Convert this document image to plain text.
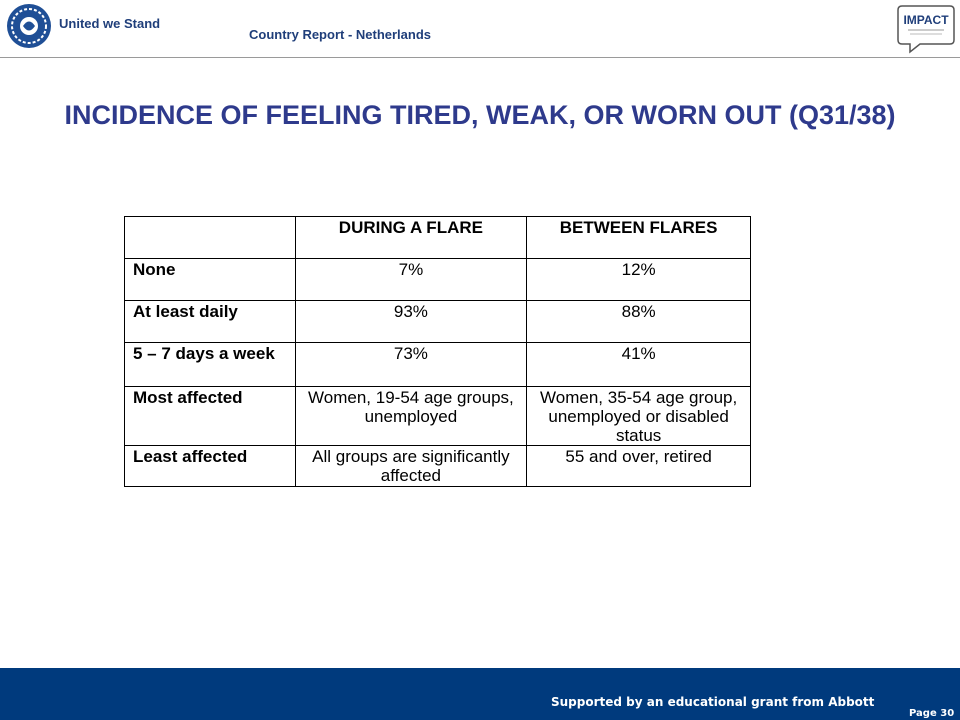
United we Stand
Country Report - Netherlands
IMPACT
INCIDENCE OF FEELING TIRED, WEAK, OR WORN OUT (Q31/38)
	DURING A FLARE	BETWEEN FLARES
None	7%	12%
At least daily	93%	88%
5 – 7 days a week	73%	41%
Most affected	Women, 19-54 age groups, unemployed	Women, 35-54 age group, unemployed or disabled status
Least affected	All groups are significantly affected	55 and over, retired
Supported by an educational grant from Abbott
Page 30
